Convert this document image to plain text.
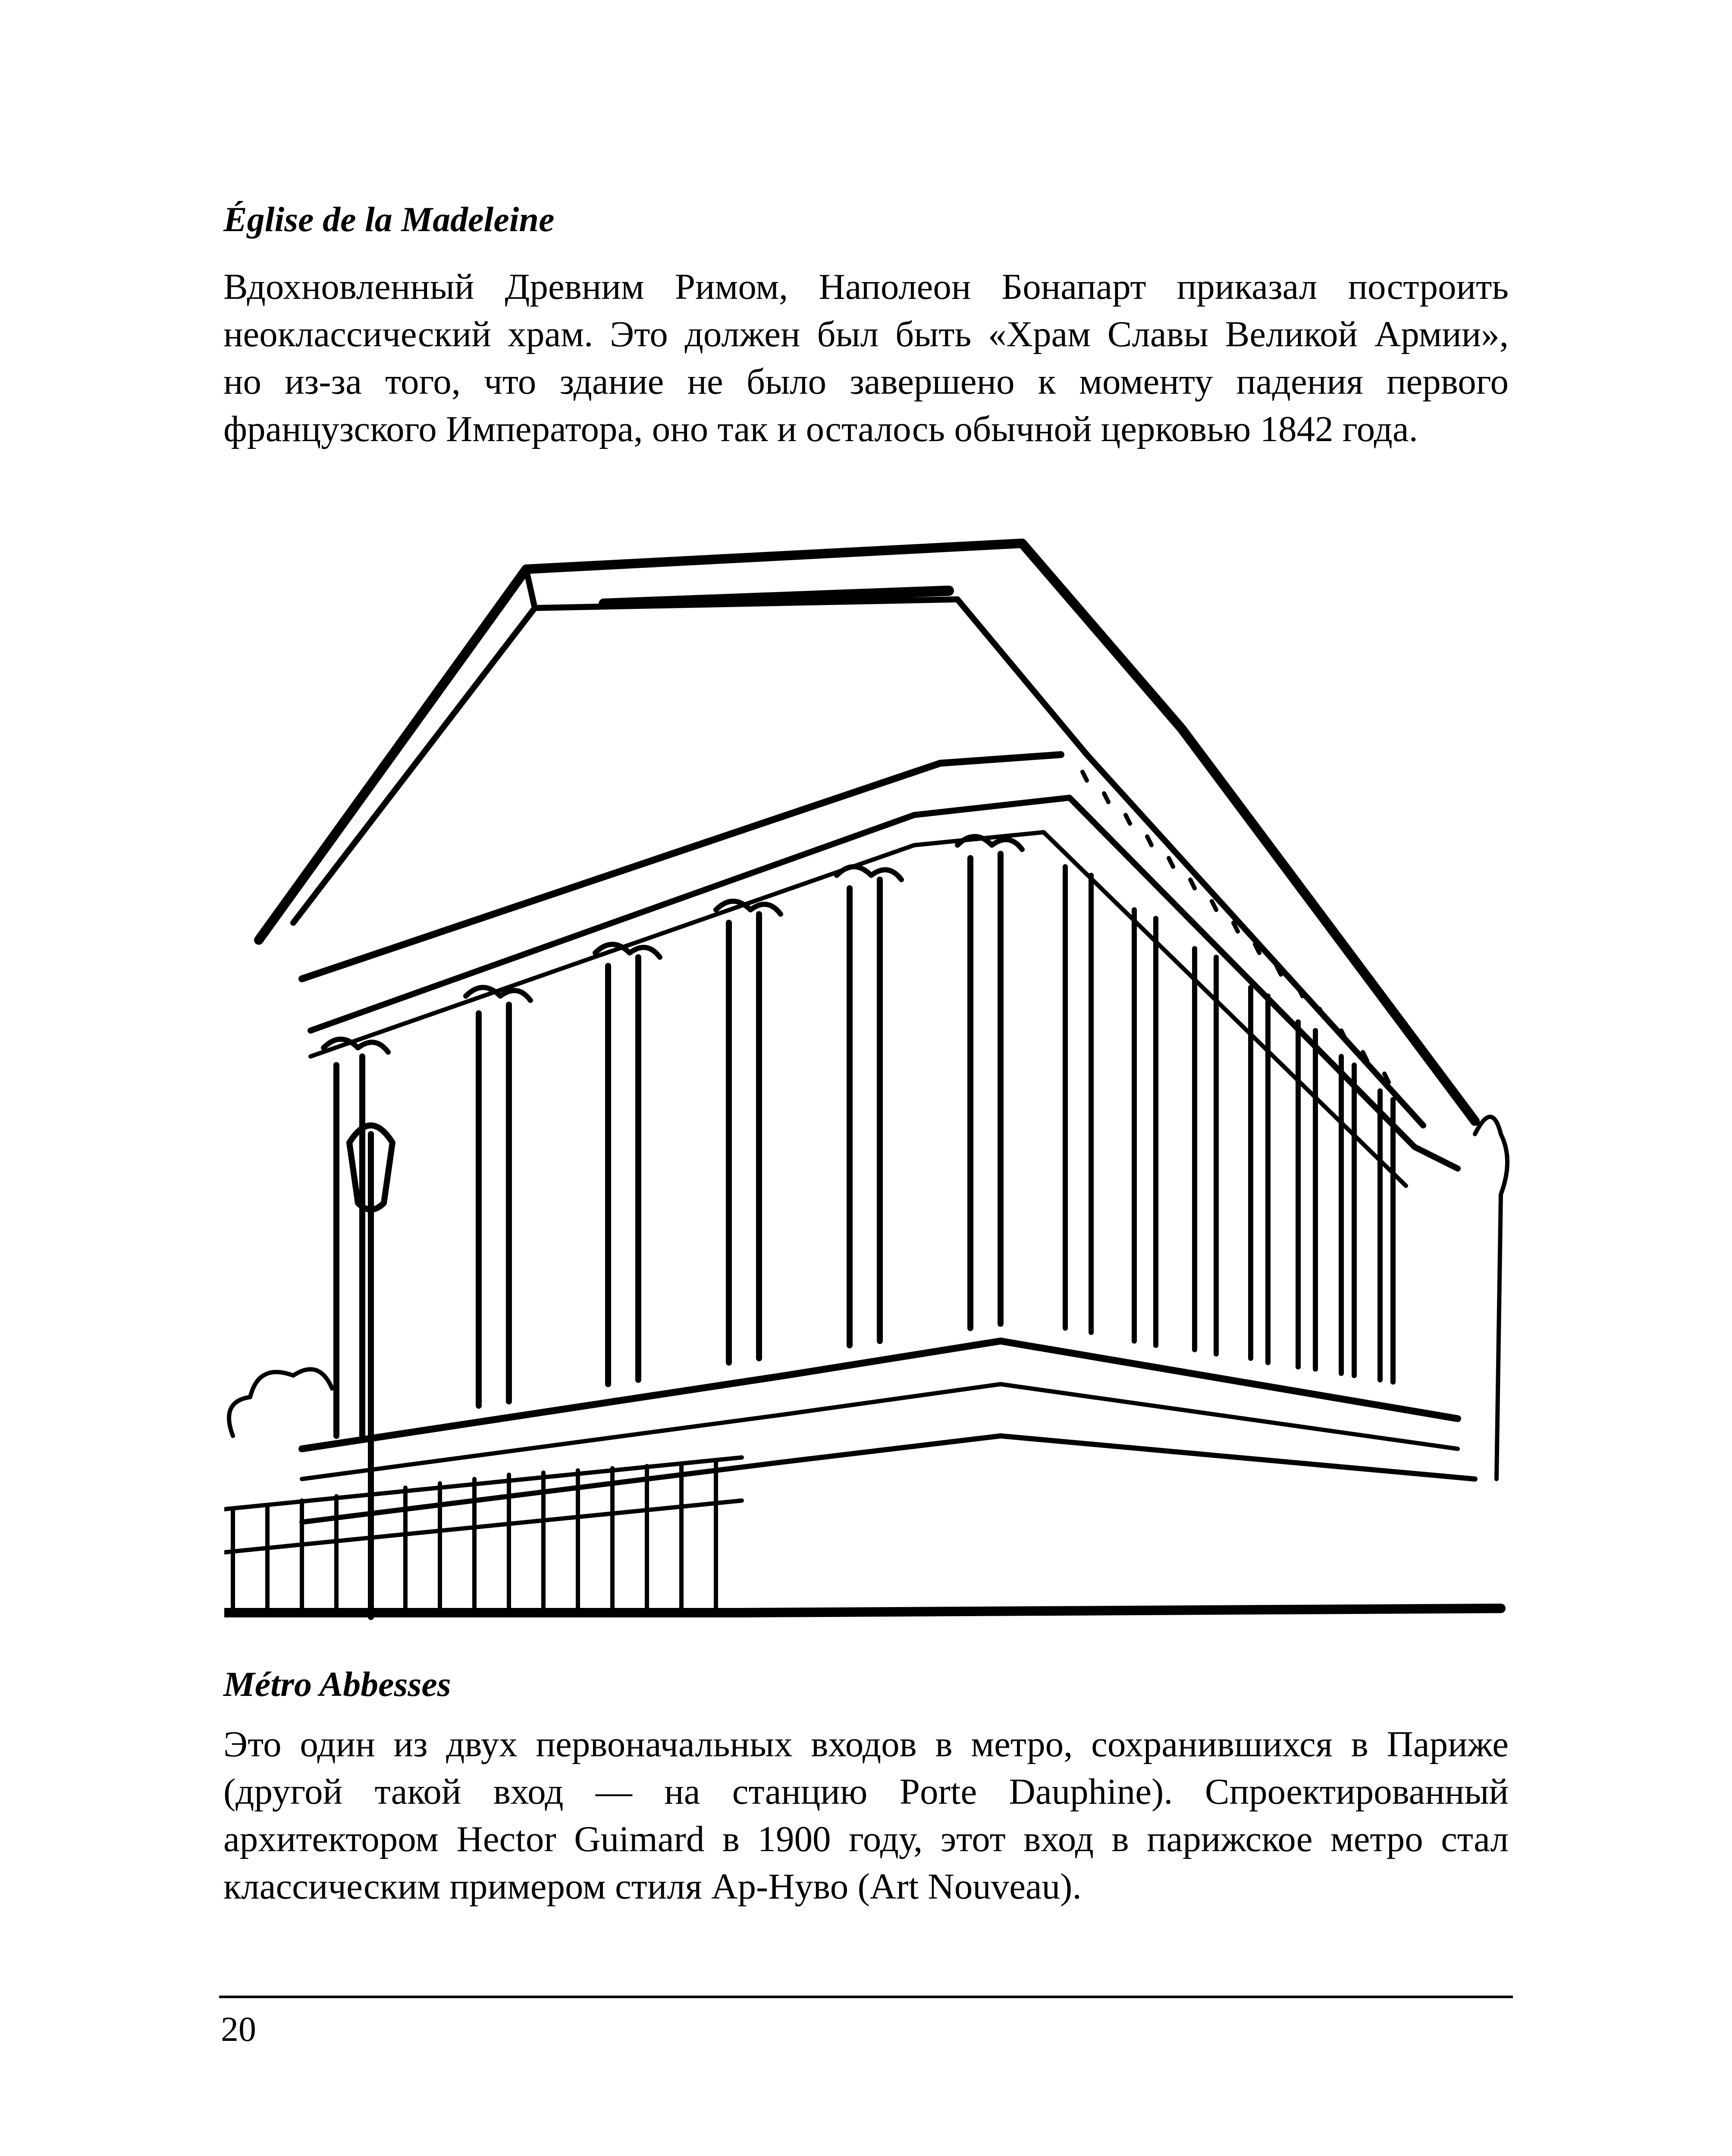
Église de la Madeleine
Вдохновленный Древним Римом, Наполеон Бонапарт приказал построить
неоклассический храм. Это должен был быть «Храм Славы Великой Армии»,
но из-за того, что здание не было завершено к моменту падения первого
французского Императора, оно так и осталось обычной церковью 1842 года.
Métro Abbesses
Это один из двух первоначальных входов в метро, сохранившихся в Париже
(другой такой вход — на станцию Porte Dauphine). Спроектированный
архитектором Hector Guimard в 1900 году, этот вход в парижское метро стал
классическим примером стиля Ар-Нуво (Art Nouveau).
20
